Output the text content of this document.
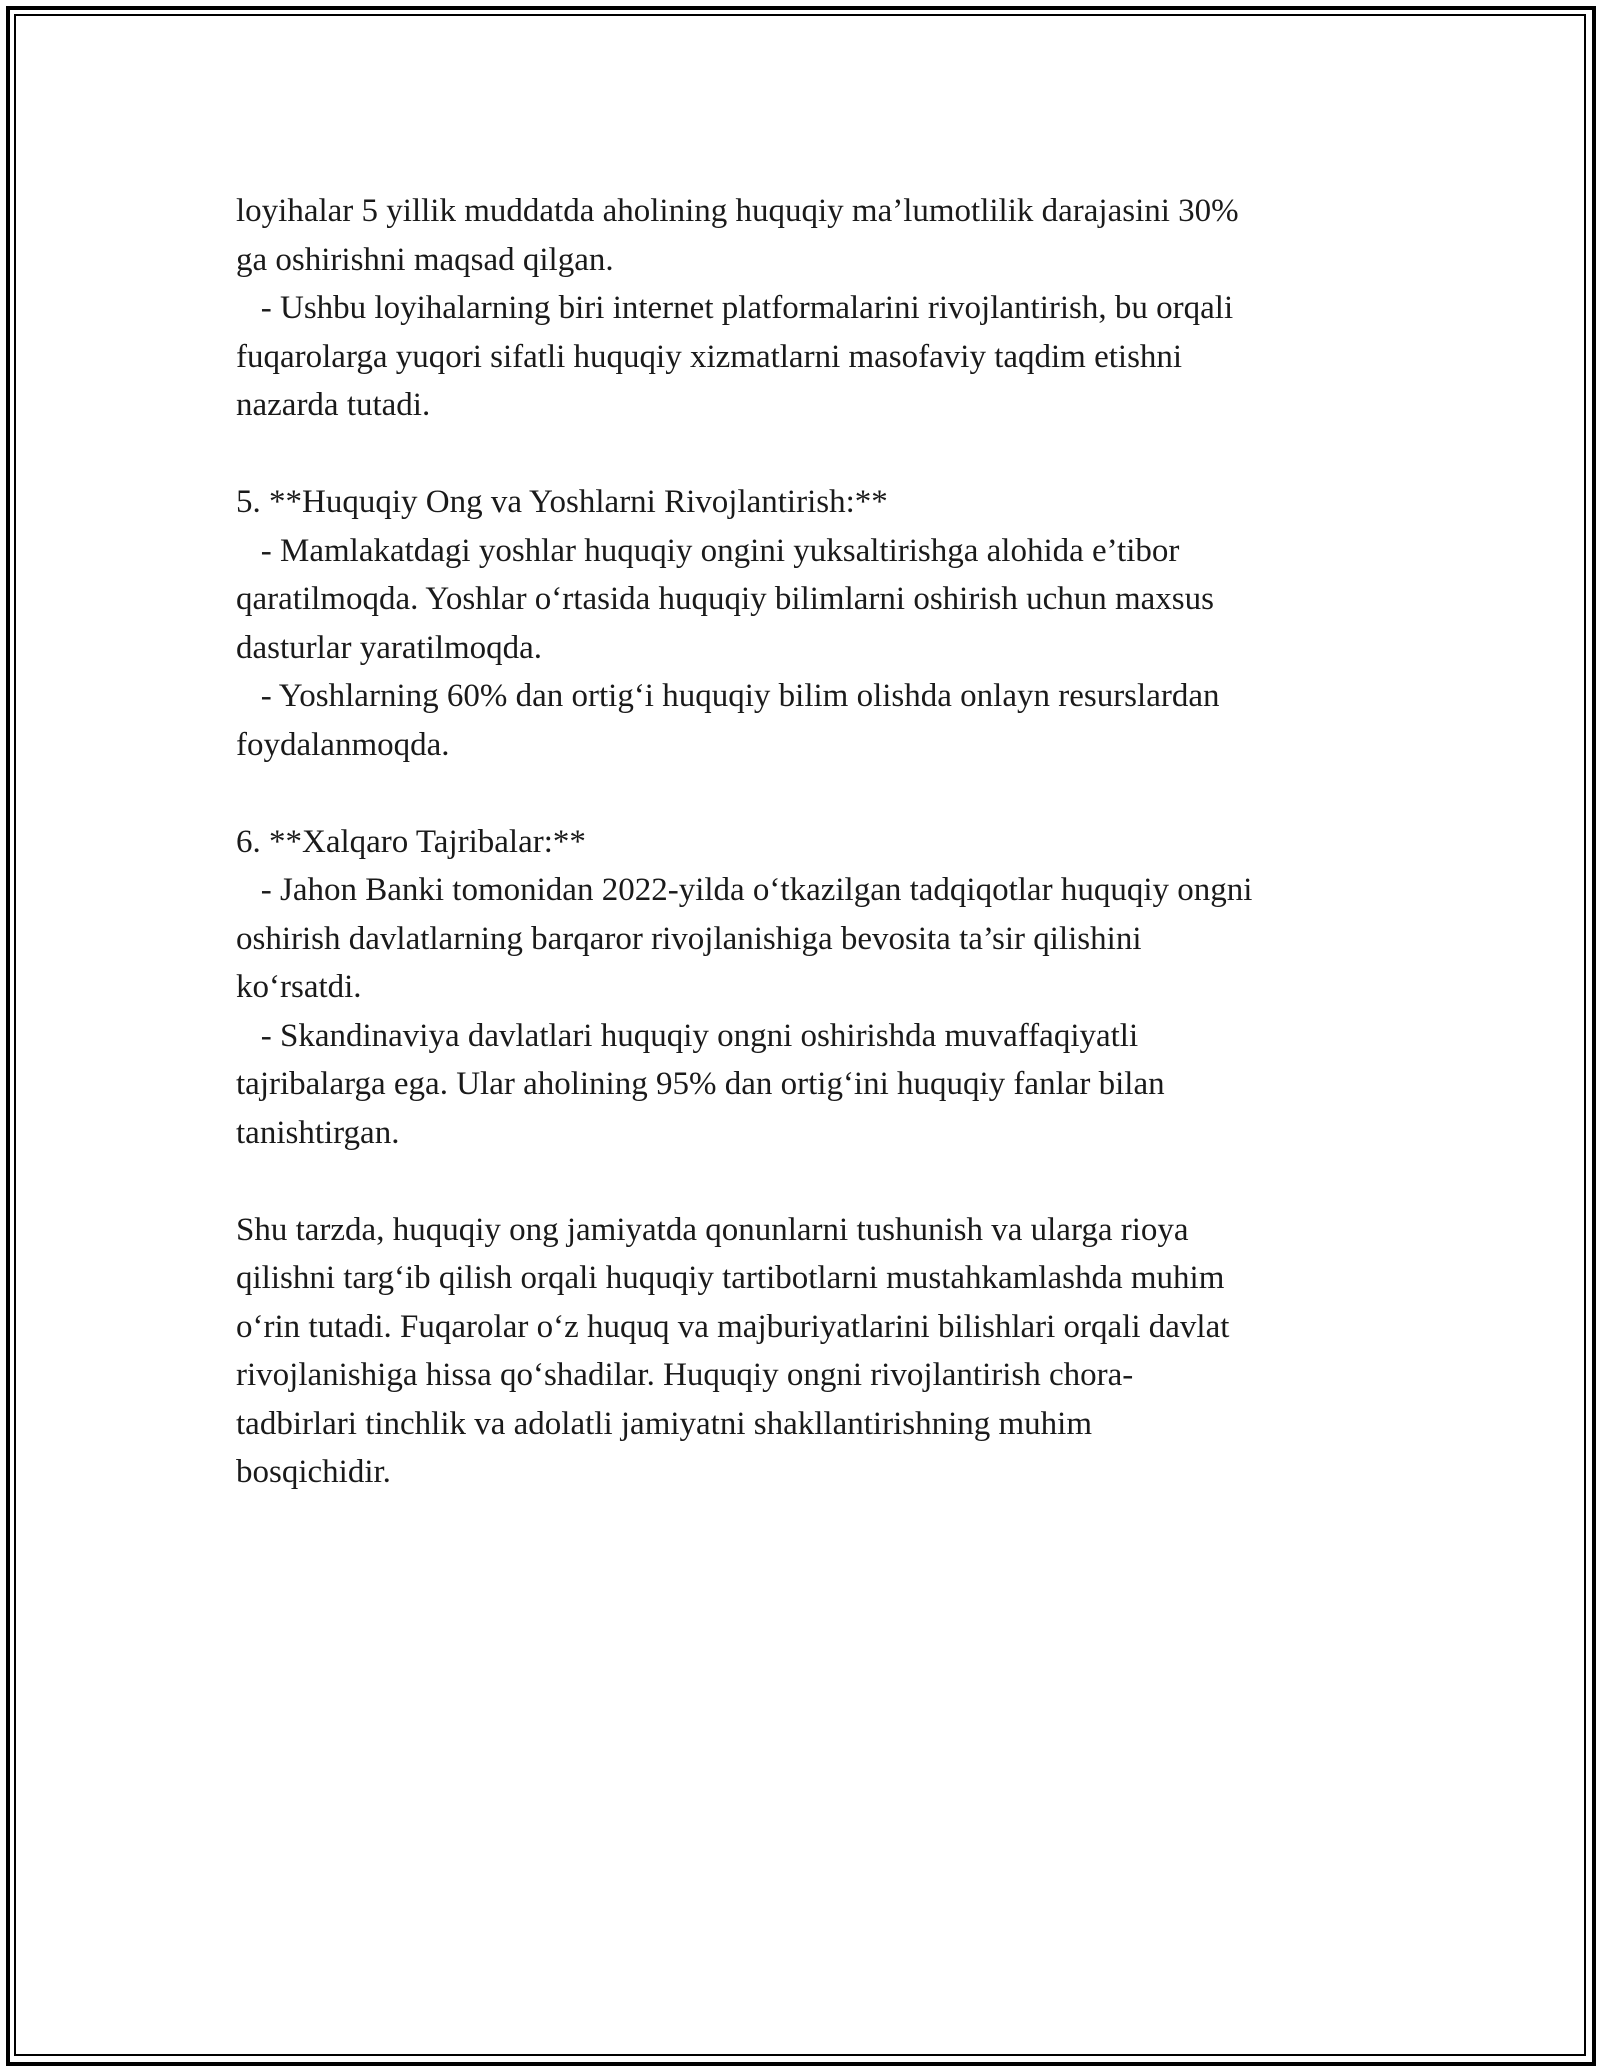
loyihalar 5 yillik muddatda aholining huquqiy ma’lumotlilik darajasini 30%
ga oshirishni maqsad qilgan.
- Ushbu loyihalarning biri internet platformalarini rivojlantirish, bu orqali
fuqarolarga yuqori sifatli huquqiy xizmatlarni masofaviy taqdim etishni
nazarda tutadi.
5. **Huquqiy Ong va Yoshlarni Rivojlantirish:**
- Mamlakatdagi yoshlar huquqiy ongini yuksaltirishga alohida e’tibor
qaratilmoqda. Yoshlar o‘rtasida huquqiy bilimlarni oshirish uchun maxsus
dasturlar yaratilmoqda.
- Yoshlarning 60% dan ortig‘i huquqiy bilim olishda onlayn resurslardan
foydalanmoqda.
6. **Xalqaro Tajribalar:**
- Jahon Banki tomonidan 2022-yilda o‘tkazilgan tadqiqotlar huquqiy ongni
oshirish davlatlarning barqaror rivojlanishiga bevosita ta’sir qilishini
ko‘rsatdi.
- Skandinaviya davlatlari huquqiy ongni oshirishda muvaffaqiyatli
tajribalarga ega. Ular aholining 95% dan ortig‘ini huquqiy fanlar bilan
tanishtirgan.
Shu tarzda, huquqiy ong jamiyatda qonunlarni tushunish va ularga rioya
qilishni targ‘ib qilish orqali huquqiy tartibotlarni mustahkamlashda muhim
o‘rin tutadi. Fuqarolar o‘z huquq va majburiyatlarini bilishlari orqali davlat
rivojlanishiga hissa qo‘shadilar. Huquqiy ongni rivojlantirish chora-
tadbirlari tinchlik va adolatli jamiyatni shakllantirishning muhim
bosqichidir.
